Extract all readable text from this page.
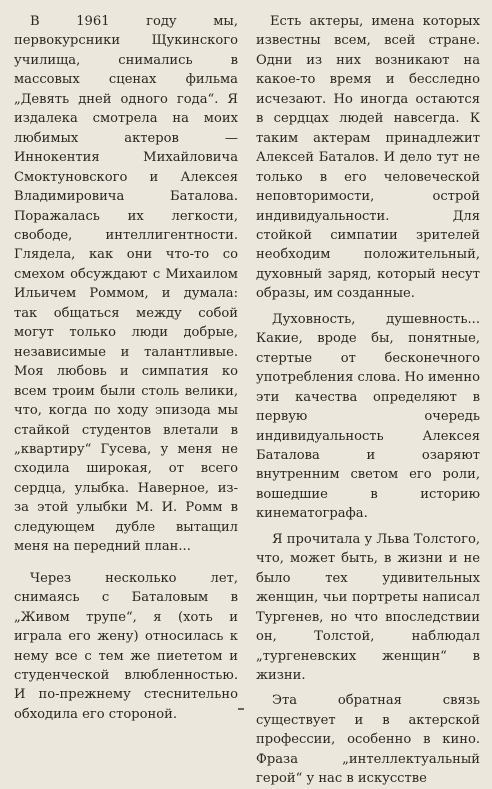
В 1961 году мы, первокурсники Щукинского училища, снимались в массовых сценах фильма „Девять дней одного года“. Я издалека смотрела на моих любимых актеров — Иннокентия Михайловича Смоктуновского и Алексея Владимировича Баталова. Поражалась их легкости, свободе, интеллигентности. Глядела, как они что-то со смехом обсуждают с Михаилом Ильичем Роммом, и думала: так общаться между собой могут только люди добрые, независимые и талантливые. Моя любовь и симпатия ко всем троим были столь велики, что, когда по ходу эпизода мы стайкой студентов влетали в „квартиру“ Гусева, у меня не сходила широкая, от всего сердца, улыбка. Наверное, из-за этой улыбки М. И. Ромм в следующем дубле вытащил меня на передний план...

Через несколько лет, снимаясь с Баталовым в „Живом трупе“, я (хоть и играла его жену) относилась к нему все с тем же пиететом и студенческой влюбленностью. И по-прежнему стеснительно обходила его стороной.

Есть актеры, имена которых известны всем, всей стране. Одни из них возникают на какое-то время и бесследно исчезают. Но иногда остаются в сердцах людей навсегда. К таким актерам принадлежит Алексей Баталов. И дело тут не только в его человеческой неповторимости, острой индивидуальности. Для стойкой симпатии зрителей необходим положительный, духовный заряд, который несут образы, им созданные.

Духовность, душевность... Какие, вроде бы, понятные, стертые от бесконечного употребления слова. Но именно эти качества определяют в первую очередь индивидуальность Алексея Баталова и озаряют внутренним светом его роли, вошедшие в историю кинематографа.

Я прочитала у Льва Толстого, что, может быть, в жизни и не было тех удивительных женщин, чьи портреты написал Тургенев, но что впоследствии он, Толстой, наблюдал „тургеневских женщин“ в жизни.

Эта обратная связь существует и в актерской профессии, особенно в кино. Фраза „интеллектуальный герой“ у нас в искусстве
